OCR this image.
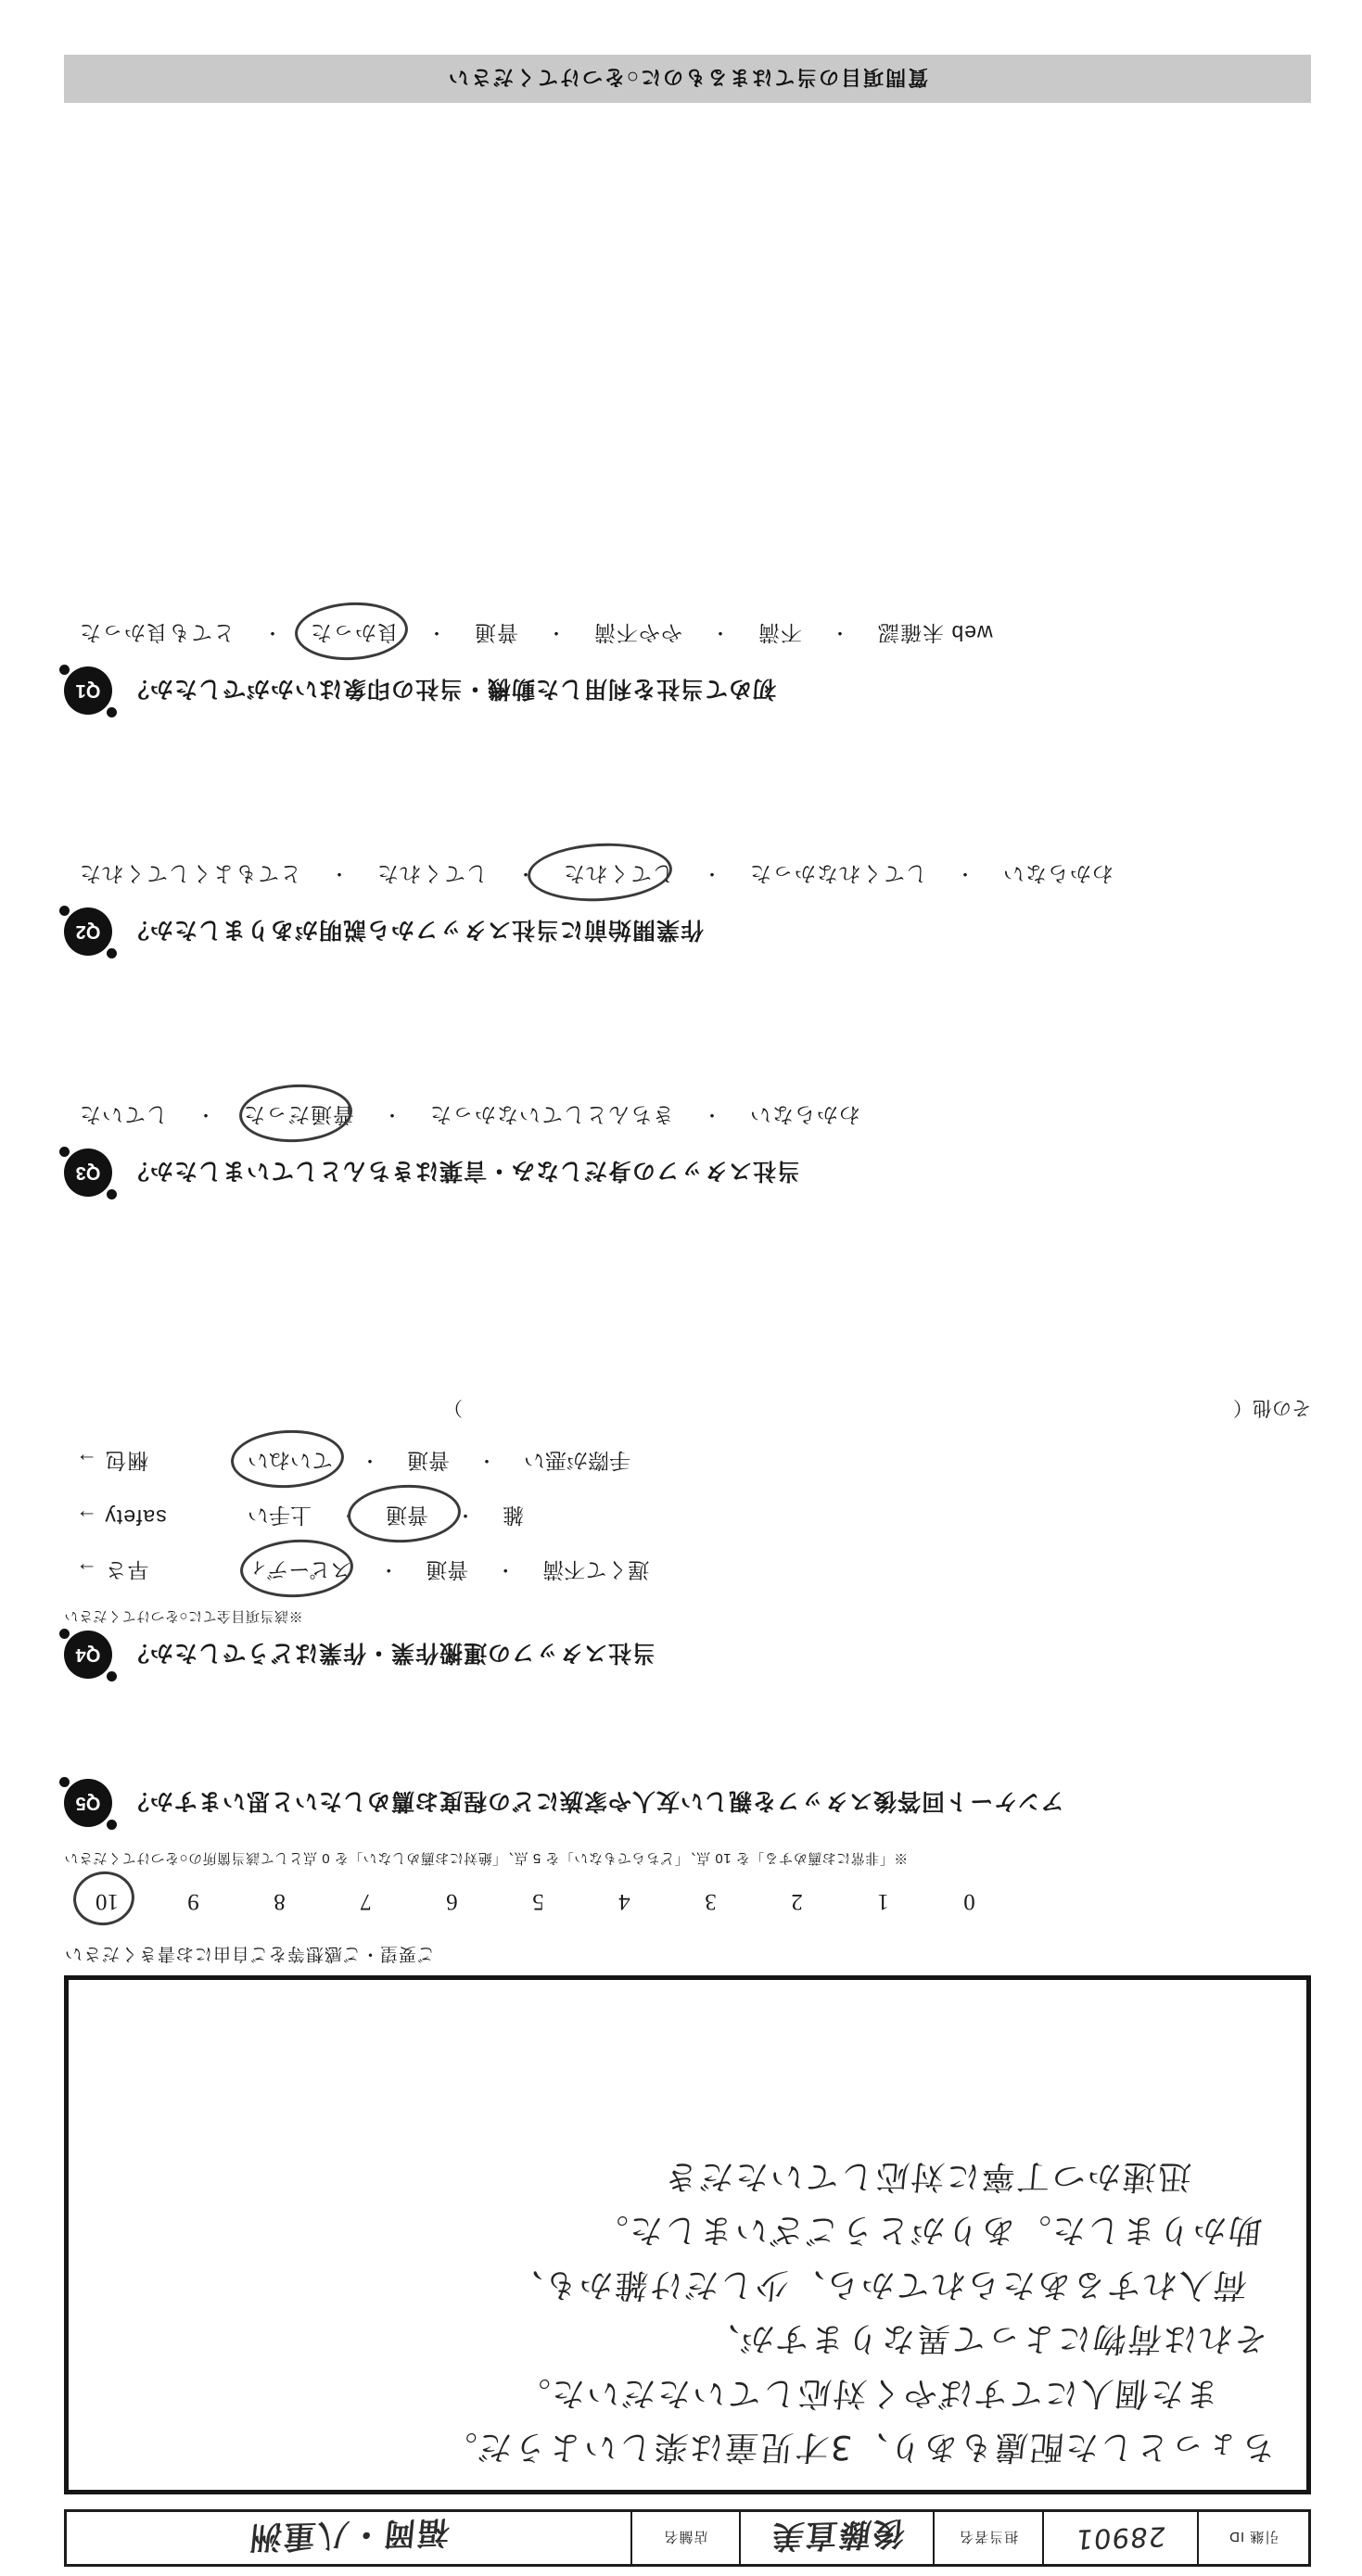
引継 ID
28901
担当者名
後藤直美
店舗名
福岡・八重洲
ちょっとした配慮もあり、3才児童は楽しいようだ。
また個人にてすばやく対応していただいた。
それは荷物によって異なりますが、
荷入れするあたられてから、少しだけ雑かも、
助かりました。ありがとうございました。
迅速かつ丁寧に対応していただき
ご要望・ご感想等をご自由にお書きください
10	9	8	7	6	5	4	3	2	1	0
※「非常にお薦めする」を 10 点、「どちらでもない」を 5 点、「絶対にお薦めしない」を 0 点として該当箇所の○をつけてください
Q5	アンケート回答後スタッフを親しい友人や家族にどの程度お薦めしたいと思いますか？
Q4	当社スタッフの運搬作業・作業はどうでしたか？
※該当項目全てに○をつけてください
早さ →	スピーディ	・	普通	・	遅くて不満
safety →	上手い	・	普通	・	雑
梱包 →	ていねい	・	普通	・	手際が悪い
）	その他（
Q3	当社スタッフの身だしなみ・言葉はきちんとしていましたか？
していた	・	普通だった	・	きちんとしていなかった	・	わからない
Q2	作業開始前に当社スタッフから説明がありましたか？
とてもよくしてくれた	・	してくれた	・	してくれた	・	してくれなかった	・	わからない
Q1	初めて当社を利用した動機・当社の印象はいかがでしたか？
とても良かった	・	良かった	・	普通	・	やや不満	・	不満	・	web 未確認
質問項目の当てはまるものに○をつけてください
